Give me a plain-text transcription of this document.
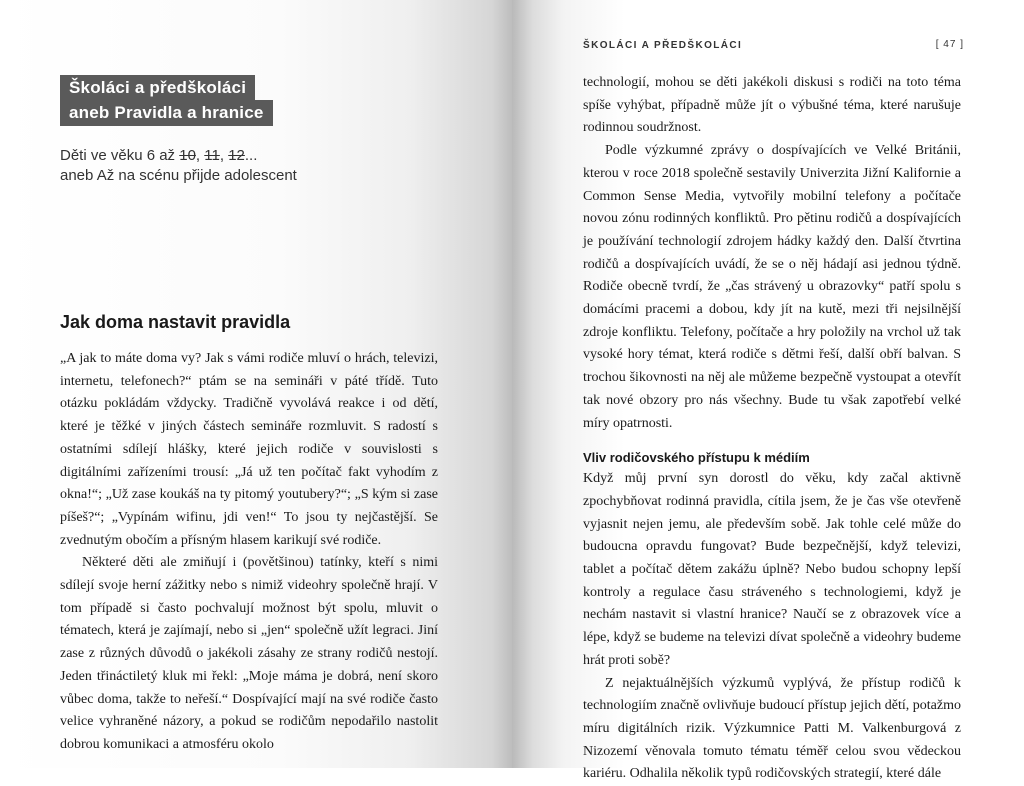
Školáci a předškoláci
aneb Pravidla a hranice
Děti ve věku 6 až 10, 11, 12...
aneb Až na scénu přijde adolescent
Jak doma nastavit pravidla

„A jak to máte doma vy? Jak s vámi rodiče mluví o hrách, televizi, internetu, telefonech?“ ptám se na semináři v páté třídě. Tuto otázku pokládám vždycky. Tradičně vyvolává reakce i od dětí, které je těžké v jiných částech semináře rozmluvit. S radostí s ostatními sdílejí hlášky, které jejich rodiče v souvislosti s digitálními zařízeními trousí: „Já už ten počítač fakt vyhodím z okna!“; „Už zase koukáš na ty pitomý youtubery?“; „S kým si zase píšeš?“; „Vypínám wifinu, jdi ven!“ To jsou ty nejčastější. Se zvednutým obočím a přísným hlasem karikují své rodiče.

Některé děti ale zmiňují i (povětšinou) tatínky, kteří s nimi sdílejí svoje herní zážitky nebo s nimiž videohry společně hrají. V tom případě si často pochvalují možnost být spolu, mluvit o tématech, která je zajímají, nebo si „jen“ společně užít legraci. Jiní zase z různých důvodů o jakékoli zásahy ze strany rodičů nestojí. Jeden třináctiletý kluk mi řekl: „Moje máma je dobrá, není skoro vůbec doma, takže to neřeší.“ Dospívající mají na své rodiče často velice vyhraněné názory, a pokud se rodičům nepodařilo nastolit dobrou komunikaci a atmosféru okolo

ŠKOLÁCI A PŘEDŠKOLÁCI	[ 47 ]

technologií, mohou se děti jakékoli diskusi s rodiči na toto téma spíše vyhýbat, případně může jít o výbušné téma, které narušuje rodinnou soudržnost.

Podle výzkumné zprávy o dospívajících ve Velké Británii, kterou v roce 2018 společně sestavily Univerzita Jižní Kalifornie a Common Sense Media, vytvořily mobilní telefony a počítače novou zónu rodinných konfliktů. Pro pětinu rodičů a dospívajících je používání technologií zdrojem hádky každý den. Další čtvrtina rodičů a dospívajících uvádí, že se o něj hádají asi jednou týdně. Rodiče obecně tvrdí, že „čas strávený u obrazovky“ patří spolu s domácími pracemi a dobou, kdy jít na kutě, mezi tři nejsilnější zdroje konfliktu. Telefony, počítače a hry položily na vrchol už tak vysoké hory témat, která rodiče s dětmi řeší, další obří balvan. S trochou šikovnosti na něj ale můžeme bezpečně vystoupat a otevřít tak nové obzory pro nás všechny. Bude tu však zapotřebí velké míry opatrnosti.

Vliv rodičovského přístupu k médiím

Když můj první syn dorostl do věku, kdy začal aktivně zpochybňovat rodinná pravidla, cítila jsem, že je čas vše otevřeně vyjasnit nejen jemu, ale především sobě. Jak tohle celé může do budoucna opravdu fungovat? Bude bezpečnější, když televizi, tablet a počítač dětem zakážu úplně? Nebo budou schopny lepší kontroly a regulace času stráveného s technologiemi, když je nechám nastavit si vlastní hranice? Naučí se z obrazovek více a lépe, když se budeme na televizi dívat společně a videohry budeme hrát proti sobě?

Z nejaktuálnějších výzkumů vyplývá, že přístup rodičů k technologiím značně ovlivňuje budoucí přístup jejich dětí, potažmo míru digitálních rizik. Výzkumnice Patti M. Valkenburgová z Nizozemí věnovala tomuto tématu téměř celou svou vědeckou kariéru. Odhalila několik typů rodičovských strategií, které dále
